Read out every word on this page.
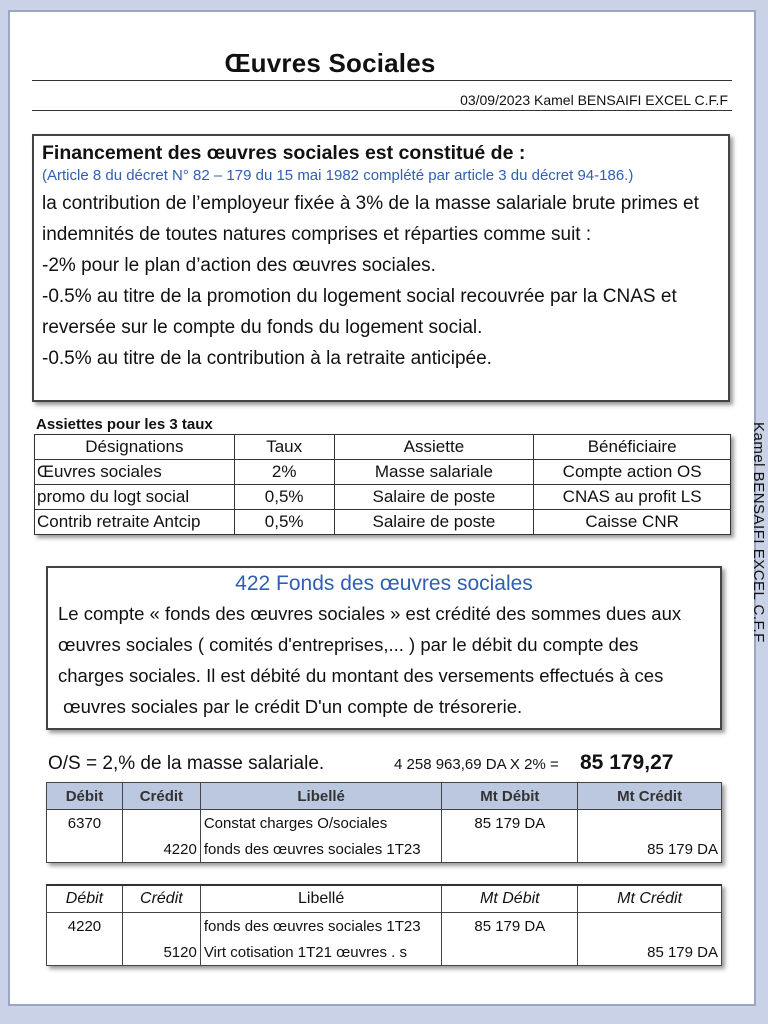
Œuvres Sociales
03/09/2023 Kamel BENSAIFI EXCEL C.F.F
Financement des œuvres sociales est constitué de :
(Article 8 du décret N° 82 – 179 du 15 mai 1982 complété par article 3 du décret 94-186.)
la contribution de l’employeur fixée à 3% de la masse salariale brute primes et
indemnités de toutes natures comprises et réparties comme suit :
-2% pour le plan d’action des œuvres sociales.
-0.5% au titre de la promotion du logement social recouvrée par la CNAS et
reversée sur le compte du fonds du logement social.
-0.5% au titre de la contribution à la retraite anticipée.
Assiettes pour les 3 taux
Désignations	Taux	Assiette	Bénéficiaire
Œuvres sociales	2%	Masse salariale	Compte action OS
promo du logt social	0,5%	Salaire de poste	CNAS au profit LS
Contrib retraite Antcip	0,5%	Salaire de poste	Caisse CNR
422 Fonds des œuvres sociales
Le compte « fonds des œuvres sociales » est crédité des sommes dues aux
œuvres sociales ( comités d'entreprises,... ) par le débit du compte des
charges sociales. Il est débité du montant des versements effectués à ces
œuvres sociales par le crédit D'un compte de trésorerie.
O/S = 2,% de la masse salariale.	4 258 963,69 DA X 2% = 85 179,27
Débit	Crédit	Libellé	Mt Débit	Mt Crédit
6370		Constat charges O/sociales	85 179 DA	
	4220	fonds des œuvres sociales 1T23		85 179 DA
Débit	Crédit	Libellé	Mt Débit	Mt Crédit
4220		fonds des œuvres sociales 1T23	85 179 DA	
	5120	Virt cotisation 1T21 œuvres . s		85 179 DA
Kamel BENSAIFI EXCEL C.F.F
